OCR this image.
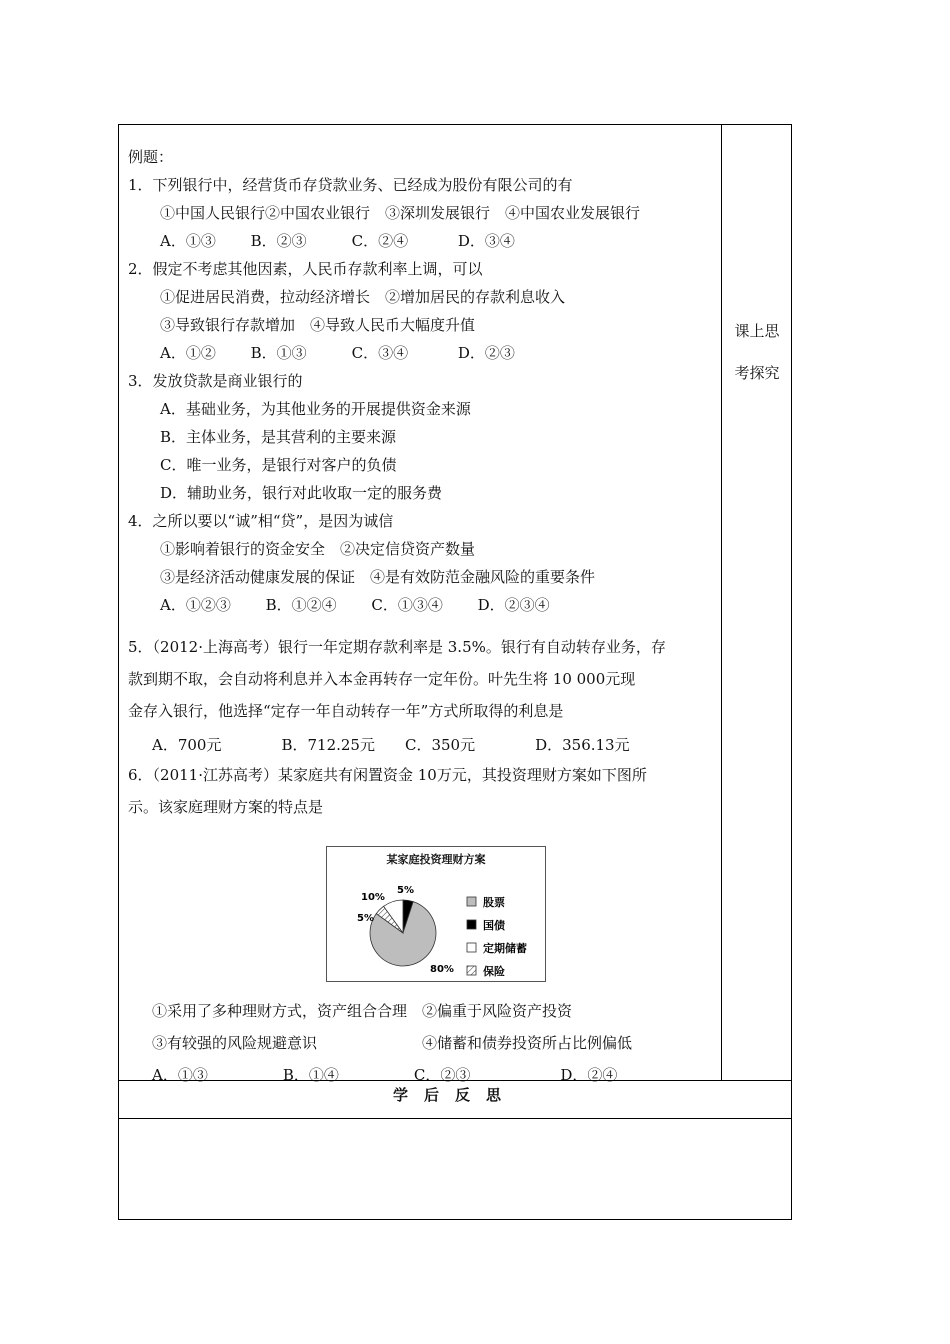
课上思
考探究
例题：
1．下列银行中，经营货币存贷款业务、已经成为股份有限公司的有
①中国人民银行②中国农业银行　③深圳发展银行　④中国农业发展银行
A．①③　　 B．②③　　　C．②④　　　 D．③④
2．假定不考虑其他因素，人民币存款利率上调，可以
①促进居民消费，拉动经济增长　②增加居民的存款利息收入
③导致银行存款增加　④导致人民币大幅度升值
A．①②　　 B．①③　　　C．③④　　　 D．②③
3．发放贷款是商业银行的
A．基础业务，为其他业务的开展提供资金来源
B．主体业务，是其营利的主要来源
C．唯一业务，是银行对客户的负债
D．辅助业务，银行对此收取一定的服务费
4．之所以要以“诚”相“贷”，是因为诚信
①影响着银行的资金安全　②决定信贷资产数量
③是经济活动健康发展的保证　④是有效防范金融风险的重要条件
A．①②③　　 B．①②④　　 C．①③④　　 D．②③④
5．（2012·上海高考）银行一年定期存款利率是 3.5%。银行有自动转存业务，存
款到期不取，会自动将利息并入本金再转存一定年份。叶先生将 10 000元现
金存入银行，他选择“定存一年自动转存一年”方式所取得的利息是
A．700元　　　　B．712.25元　　C．350元　　　　D．356.13元
6．（2011·江苏高考）某家庭共有闲置资金 10万元，其投资理财方案如下图所
示。该家庭理财方案的特点是
①采用了多种理财方式，资产组合合理　②偏重于风险资产投资
③有较强的风险规避意识　　　　　　　④储蓄和债券投资所占比例偏低
A．①③　　　　　B．①④　　　　　C．②③　　　　　　D．②④
某家庭投资理财方案
80%
5%
10%
5%
股票
国债
定期储蓄
保险
学后反思
